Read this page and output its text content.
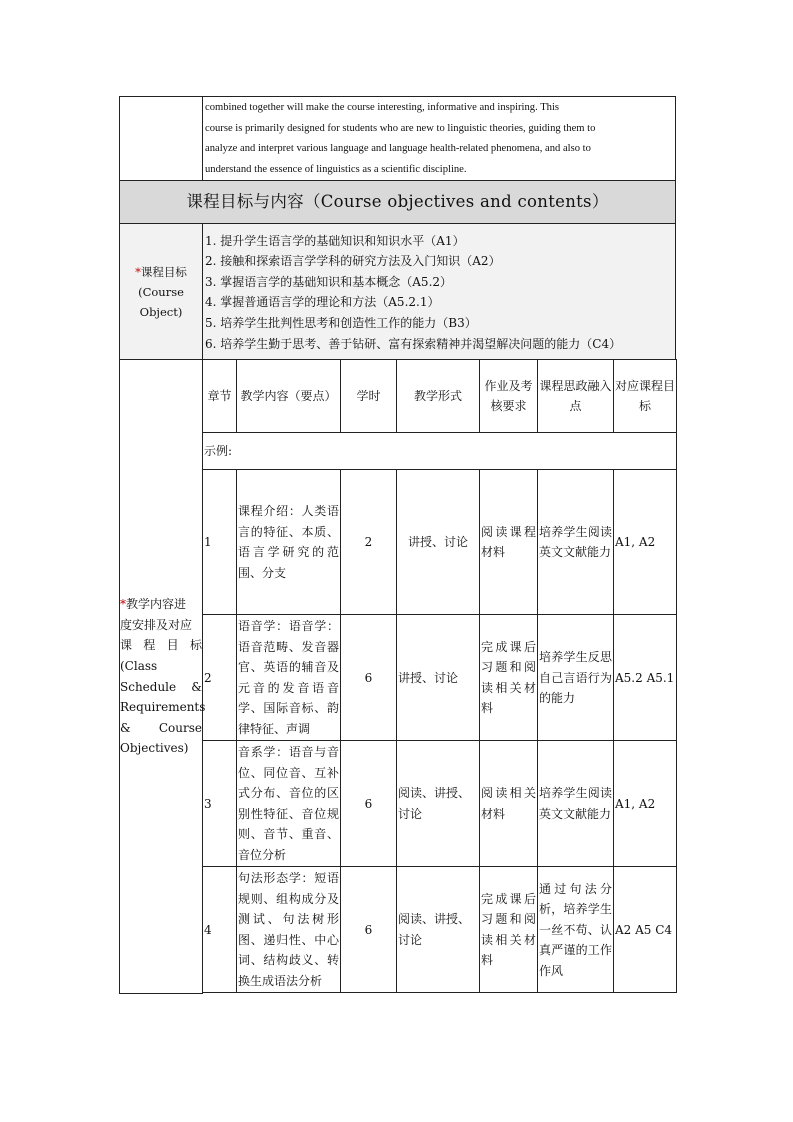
combined together will make the course interesting, informative and inspiring. This
course is primarily designed for students who are new to linguistic theories, guiding them to
analyze and interpret various language and language health-related phenomena, and also to
understand the essence of linguistics as a scientific discipline.

课程目标与内容（Course objectives and contents）

*课程目标
(Course
Object)

1. 提升学生语言学的基础知识和知识水平（A1）
2. 接触和探索语言学学科的研究方法及入门知识（A2）
3. 掌握语言学的基础知识和基本概念（A5.2）
4. 掌握普通语言学的理论和方法（A5.2.1）
5. 培养学生批判性思考和创造性工作的能力（B3）
6. 培养学生勤于思考、善于钻研、富有探索精神并渴望解决问题的能力（C4）

*教学内容进
度安排及对应
课 程 目 标
(Class
Schedule &
Requirements
& Course
Objectives)

章节	教学内容（要点）	学时	教学形式	作业及考核要求	课程思政融入点	对应课程目标
示例:
1	课程介绍：人类语言的特征、本质、语言学研究的范围、分支	2	讲授、讨论	阅读课程材料	培养学生阅读英文文献能力	A1, A2
2	语音学：语音学：语音范畴、发音器官、英语的辅音及元音的发音语音学、国际音标、韵律特征、声调	6	讲授、讨论	完成课后习题和阅读相关材料	培养学生反思自己言语行为的能力	A5.2 A5.1
3	音系学：语音与音位、同位音、互补式分布、音位的区别性特征、音位规则、音节、重音、音位分析	6	阅读、讲授、讨论	阅读相关材料	培养学生阅读英文文献能力	A1, A2
4	句法形态学：短语规则、组构成分及测试、句法树形图、递归性、中心词、结构歧义、转换生成语法分析	6	阅读、讲授、讨论	完成课后习题和阅读相关材料	通过句法分析，培养学生一丝不苟、认真严谨的工作作风	A2 A5 C4
